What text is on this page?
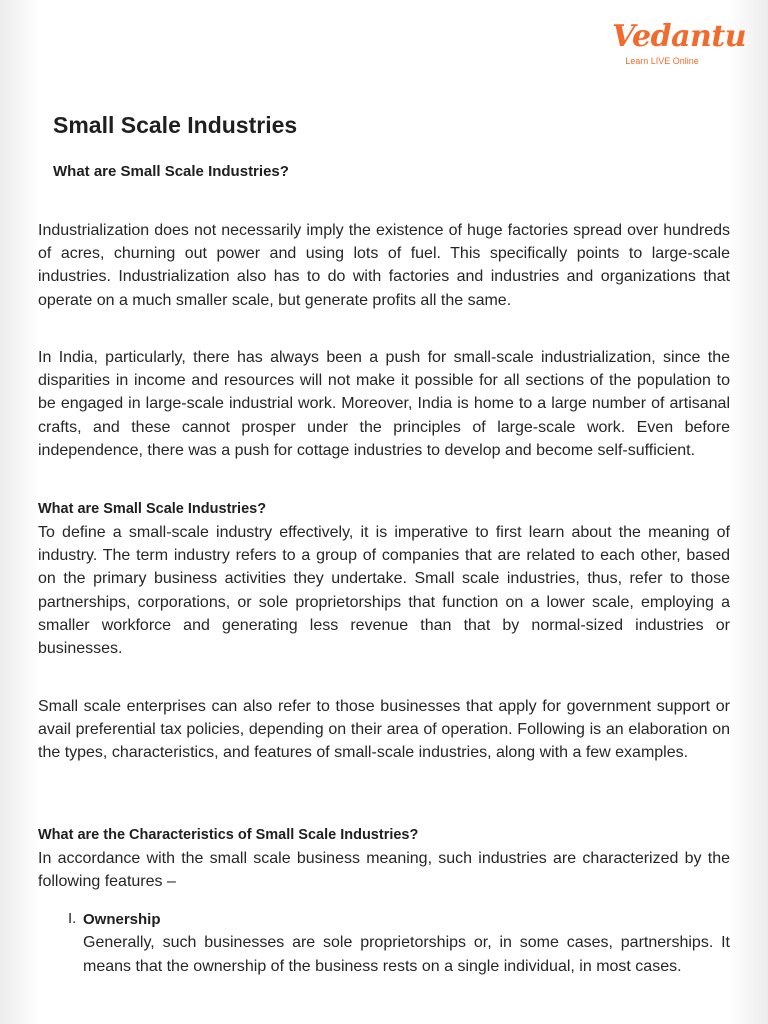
Vedantu
Learn LIVE Online
Small Scale Industries
What are Small Scale Industries?

Industrialization does not necessarily imply the existence of huge factories spread over hundreds of acres, churning out power and using lots of fuel. This specifically points to large-scale industries. Industrialization also has to do with factories and industries and organizations that operate on a much smaller scale, but generate profits all the same.

In India, particularly, there has always been a push for small-scale industrialization, since the disparities in income and resources will not make it possible for all sections of the population to be engaged in large-scale industrial work. Moreover, India is home to a large number of artisanal crafts, and these cannot prosper under the principles of large-scale work. Even before independence, there was a push for cottage industries to develop and become self-sufficient.

What are Small Scale Industries?

To define a small-scale industry effectively, it is imperative to first learn about the meaning of industry. The term industry refers to a group of companies that are related to each other, based on the primary business activities they undertake. Small scale industries, thus, refer to those partnerships, corporations, or sole proprietorships that function on a lower scale, employing a smaller workforce and generating less revenue than that by normal-sized industries or businesses.

Small scale enterprises can also refer to those businesses that apply for government support or avail preferential tax policies, depending on their area of operation. Following is an elaboration on the types, characteristics, and features of small-scale industries, along with a few examples.

What are the Characteristics of Small Scale Industries?

In accordance with the small scale business meaning, such industries are characterized by the following features –

I. Ownership
Generally, such businesses are sole proprietorships or, in some cases, partnerships. It means that the ownership of the business rests on a single individual, in most cases.
